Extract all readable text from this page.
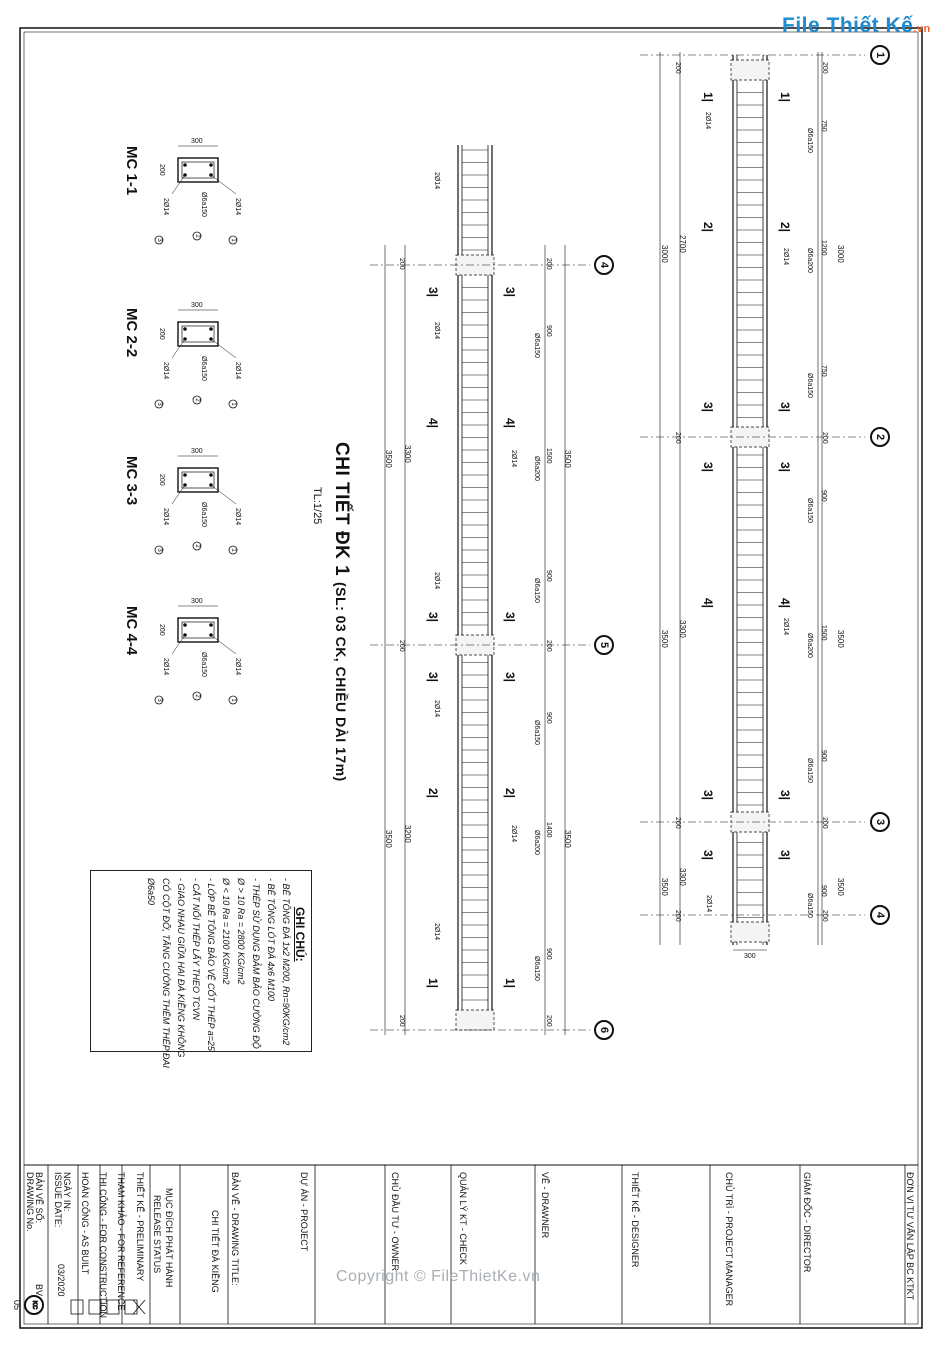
KC
3000
2700
3000
3500
3300
3500
3500
3300
3500
200	200
200	200
200	200
200	200
750
Ø6a150
1200
Ø6a200
750
Ø6a150
900
Ø6a150
1500
Ø6a200
900
Ø6a150
900
Ø6a150
1|	1|
2|	2|
3|	3|
3|	3|
4|	4|
3|	3|
3|	3|
2Ø14
2Ø14
2Ø14
2Ø14
300
3500 3300	3500
3500 3200	3500
200	200
200	200
200	200
900
Ø6a150
1500
Ø6a200
900
Ø6a150
900
Ø6a150
1400
Ø6a200
900
Ø6a150
3|	3|
4|	4|
3|	3|
3|	3|
2|	2|
1|	1|
2Ø14
2Ø14
2Ø14
2Ø14
2Ø14
2Ø14
2Ø14
300
200
2Ø14	Ø6a150	2Ø14
3
2
1
300
200
2Ø14	Ø6a150	2Ø14
3
2
1
300
200
2Ø14	Ø6a150	2Ø14
3
2
1
300
200
2Ø14	Ø6a150	2Ø14
3
2
1
1
2
3
4
4
5
6
File Thiết Kế.vn
CHI TIẾT ĐK 1 (SL: 03 CK, CHIỀU DÀI 17m)
TL:1/25
MC 1-1
MC 2-2
MC 3-3
MC 4-4
GHI CHÚ:
- BÊ TÔNG ĐÁ 1x2 M200, Rn=90KG/cm2
- BÊ TÔNG LÓT ĐÁ 4x6 M100
- THÉP SỬ DỤNG ĐẢM BẢO CƯỜNG ĐỘ
Ø > 10 Ra = 2800 KG/cm2
Ø < 10 Ra = 2100 KG/cm2
- LỚP BÊ TÔNG BẢO VỆ CỐT THÉP a=25
- CẮT NỐI THÉP LẤY THEO TCVN
- GIAO NHAU GIỮA HAI ĐÀ KIỀNG KHÔNG
CÓ CỘT ĐỠ, TĂNG CƯỜNG THÊM THÉP ĐAI
Ø6a50
ĐƠN VỊ TƯ VẤN LẬP BC KTKT
GIÁM ĐỐC - DIRECTOR
CHỦ TRÌ - PROJECT MANAGER
THIẾT KẾ - DESIGNER
VẼ - DRAWNER
QUẢN LÝ KT - CHECK
CHỦ ĐẦU TƯ - OWNER
DỰ ÁN - PROJECT
BẢN VẼ - DRAWING TITLE:
CHI TIẾT ĐÀ KIỀNG
MỤC ĐÍCH PHÁT HÀNH
RELEASE STATUS
THIẾT KẾ - PRELIMINARY
THAM KHẢO - FOR REFERENCE
THI CÔNG - FOR CONSTRUCTION
HOÀN CÔNG - AS BUILT
NGÀY IN:
ISSUE DATE:
03/2020
BẢN VẼ SỐ:
DRAWING No.
BV
05
Copyright © FileThietKe.vn
